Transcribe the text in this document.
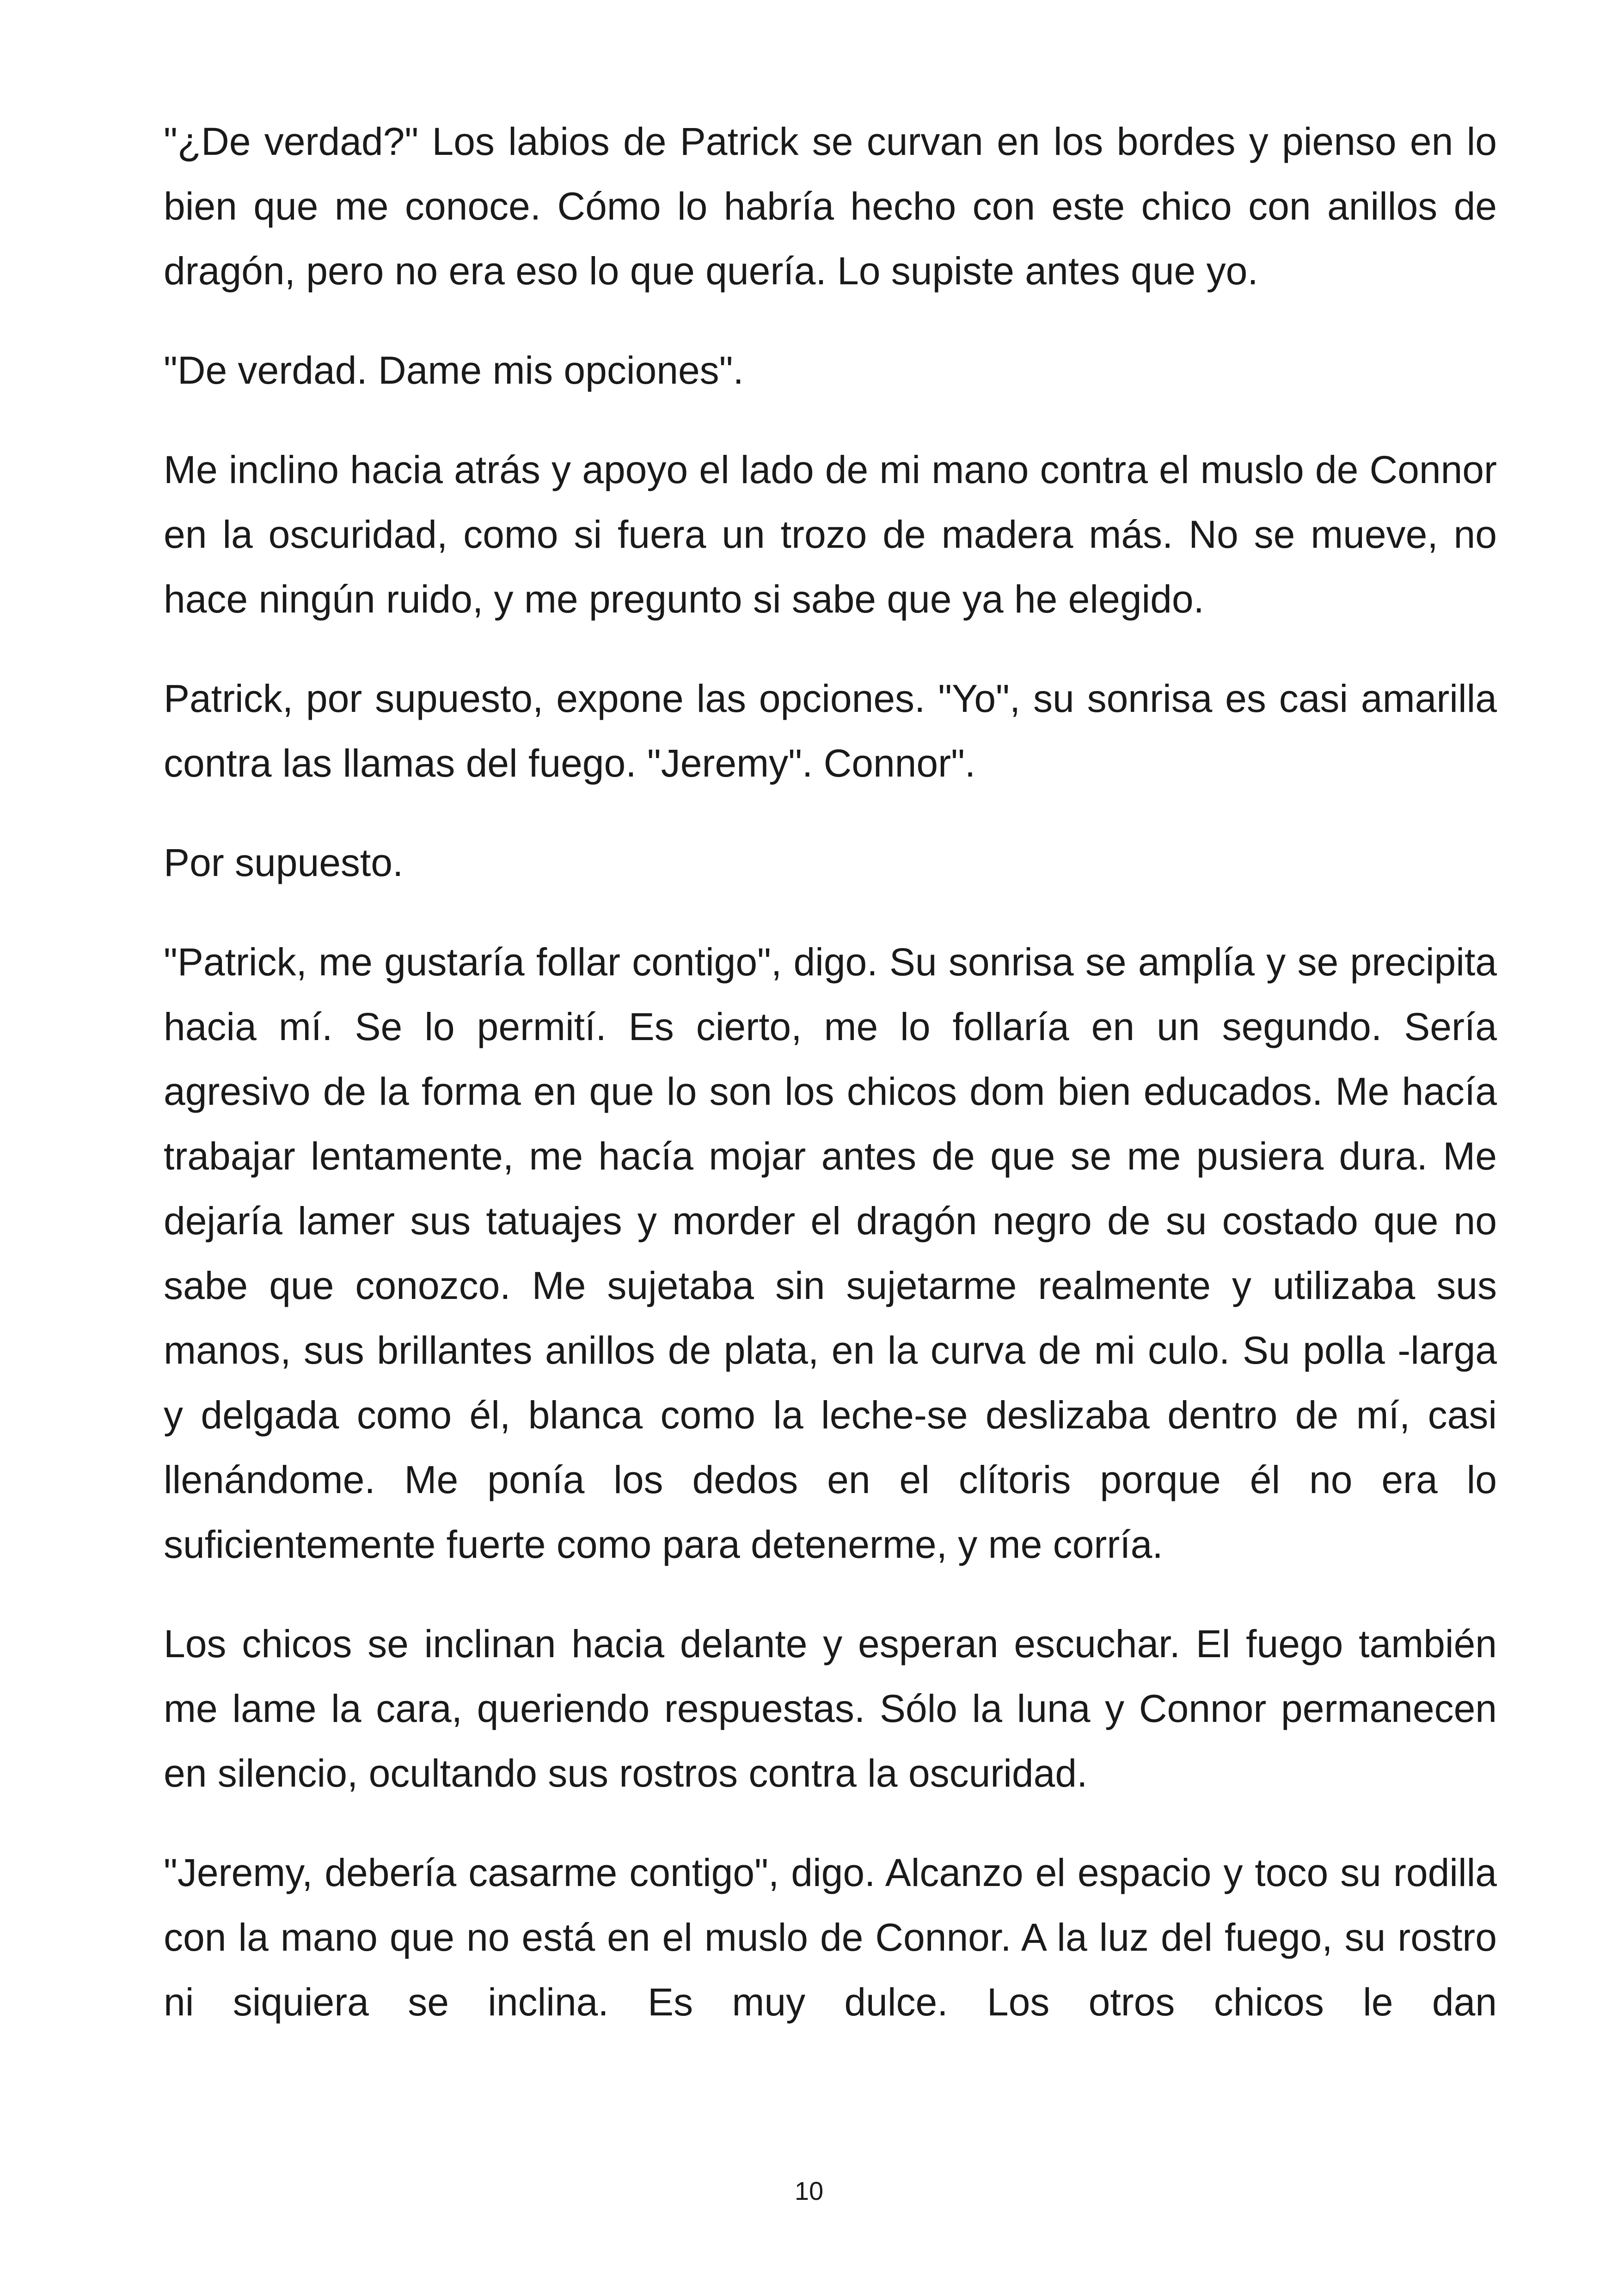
"¿De verdad?" Los labios de Patrick se curvan en los bordes y pienso en lo bien que me conoce. Cómo lo habría hecho con este chico con anillos de dragón, pero no era eso lo que quería. Lo supiste antes que yo.

"De verdad. Dame mis opciones".

Me inclino hacia atrás y apoyo el lado de mi mano contra el muslo de Connor en la oscuridad, como si fuera un trozo de madera más. No se mueve, no hace ningún ruido, y me pregunto si sabe que ya he elegido.

Patrick, por supuesto, expone las opciones. "Yo", su sonrisa es casi amarilla contra las llamas del fuego. "Jeremy". Connor".

Por supuesto.

"Patrick, me gustaría follar contigo", digo. Su sonrisa se amplía y se precipita hacia mí. Se lo permití. Es cierto, me lo follaría en un segundo. Sería agresivo de la forma en que lo son los chicos dom bien educados. Me hacía trabajar lentamente, me hacía mojar antes de que se me pusiera dura. Me dejaría lamer sus tatuajes y morder el dragón negro de su costado que no sabe que conozco. Me sujetaba sin sujetarme realmente y utilizaba sus manos, sus brillantes anillos de plata, en la curva de mi culo. Su polla -larga y delgada como él, blanca como la leche-se deslizaba dentro de mí, casi llenándome. Me ponía los dedos en el clítoris porque él no era lo suficientemente fuerte como para detenerme, y me corría.

Los chicos se inclinan hacia delante y esperan escuchar. El fuego también me lame la cara, queriendo respuestas. Sólo la luna y Connor permanecen en silencio, ocultando sus rostros contra la oscuridad.

"Jeremy, debería casarme contigo", digo. Alcanzo el espacio y toco su rodilla con la mano que no está en el muslo de Connor. A la luz del fuego, su rostro ni siquiera se inclina. Es muy dulce. Los otros chicos le dan

10
